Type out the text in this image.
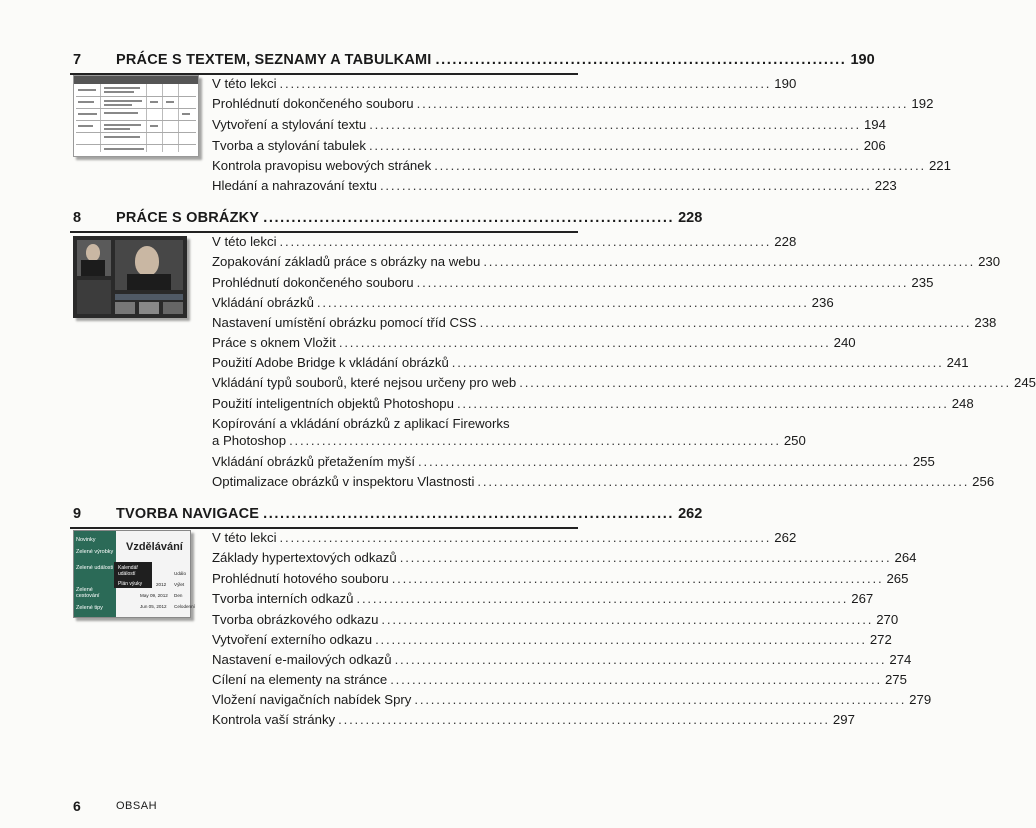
7 PRÁCE S TEXTEM, SEZNAMY A TABULKAMI ......................................................................... 190
V této lekci .......................................................................................... 190
Prohlédnutí dokončeného souboru .......................................................................................... 192
Vytvoření a stylování textu .......................................................................................... 194
Tvorba a stylování tabulek .......................................................................................... 206
Kontrola pravopisu webových stránek .......................................................................................... 221
Hledání a nahrazování textu .......................................................................................... 223
8 PRÁCE S OBRÁZKY ......................................................................... 228
V této lekci .......................................................................................... 228
Zopakování základů práce s obrázky na webu .......................................................................................... 230
Prohlédnutí dokončeného souboru .......................................................................................... 235
Vkládání obrázků .......................................................................................... 236
Nastavení umístění obrázku pomocí tříd CSS .......................................................................................... 238
Práce s oknem Vložit .......................................................................................... 240
Použití Adobe Bridge k vkládání obrázků .......................................................................................... 241
Vkládání typů souborů, které nejsou určeny pro web .......................................................................................... 245
Použití inteligentních objektů Photoshopu .......................................................................................... 248
Kopírování a vkládání obrázků z aplikací Fireworks
a Photoshop .......................................................................................... 250
Vkládání obrázků přetažením myší .......................................................................................... 255
Optimalizace obrázků v inspektoru Vlastnosti .......................................................................................... 256
9 TVORBA NAVIGACE ......................................................................... 262
Novinky
Zelené výrobky
Zelené události
Zelené cestování
Zelené tipy
Vzdělávání
Kalendář událostí
Plán výuky
Událo
2012 Výlet
May 09, 2012 Den
Jun 05, 2012 Celodenní
V této lekci .......................................................................................... 262
Základy hypertextových odkazů .......................................................................................... 264
Prohlédnutí hotového souboru .......................................................................................... 265
Tvorba interních odkazů .......................................................................................... 267
Tvorba obrázkového odkazu .......................................................................................... 270
Vytvoření externího odkazu .......................................................................................... 272
Nastavení e-mailových odkazů .......................................................................................... 274
Cílení na elementy na stránce .......................................................................................... 275
Vložení navigačních nabídek Spry .......................................................................................... 279
Kontrola vaší stránky .......................................................................................... 297
6	OBSAH
